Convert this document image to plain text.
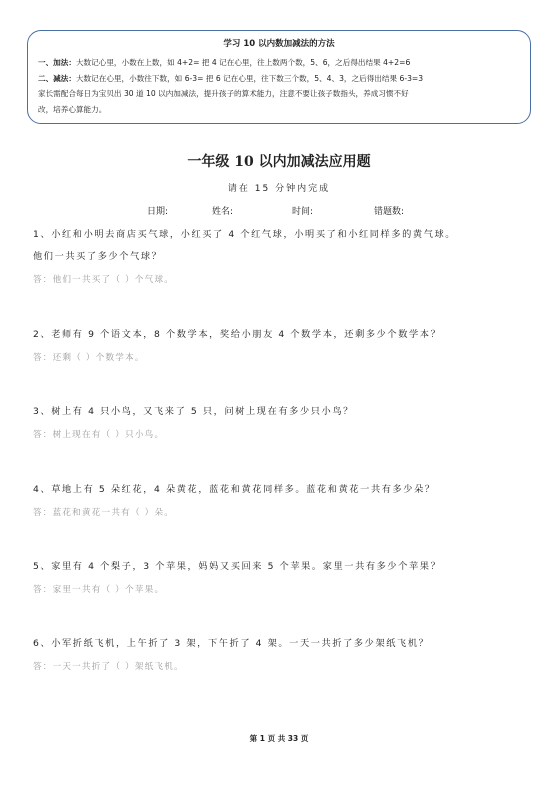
学习 10 以内数加减法的方法
一、加法：大数记心里，小数在上数，如 4+2= 把 4 记在心里，往上数两个数，5、6，之后得出结果 4+2=6
二、减法：大数记在心里，小数往下数，如 6-3= 把 6 记在心里，往下数三个数，5、4、3，之后得出结果 6-3=3
家长需配合每日为宝贝出 30 道 10 以内加减法，提升孩子的算术能力，注意不要让孩子数指头，养成习惯不好
改，培养心算能力。
一年级 10 以内加减法应用题
请在 15 分钟内完成
日期:	姓名:	时间:	错题数:
1、小红和小明去商店买气球，小红买了 4 个红气球，小明买了和小红同样多的黄气球。
他们一共买了多少个气球？
答：他们一共买了（ ）个气球。
2、老师有 9 个语文本，8 个数学本，奖给小朋友 4 个数学本，还剩多少个数学本？
答：还剩（ ）个数学本。
3、树上有 4 只小鸟，又飞来了 5 只，问树上现在有多少只小鸟？
答：树上现在有（ ）只小鸟。
4、草地上有 5 朵红花，4 朵黄花，蓝花和黄花同样多。蓝花和黄花一共有多少朵？
答：蓝花和黄花一共有（ ）朵。
5、家里有 4 个梨子，3 个苹果，妈妈又买回来 5 个苹果。家里一共有多少个苹果？
答：家里一共有（ ）个苹果。
6、小军折纸飞机，上午折了 3 架，下午折了 4 架。一天一共折了多少架纸飞机？
答：一天一共折了（ ）架纸飞机。
第 1 页 共 33 页
